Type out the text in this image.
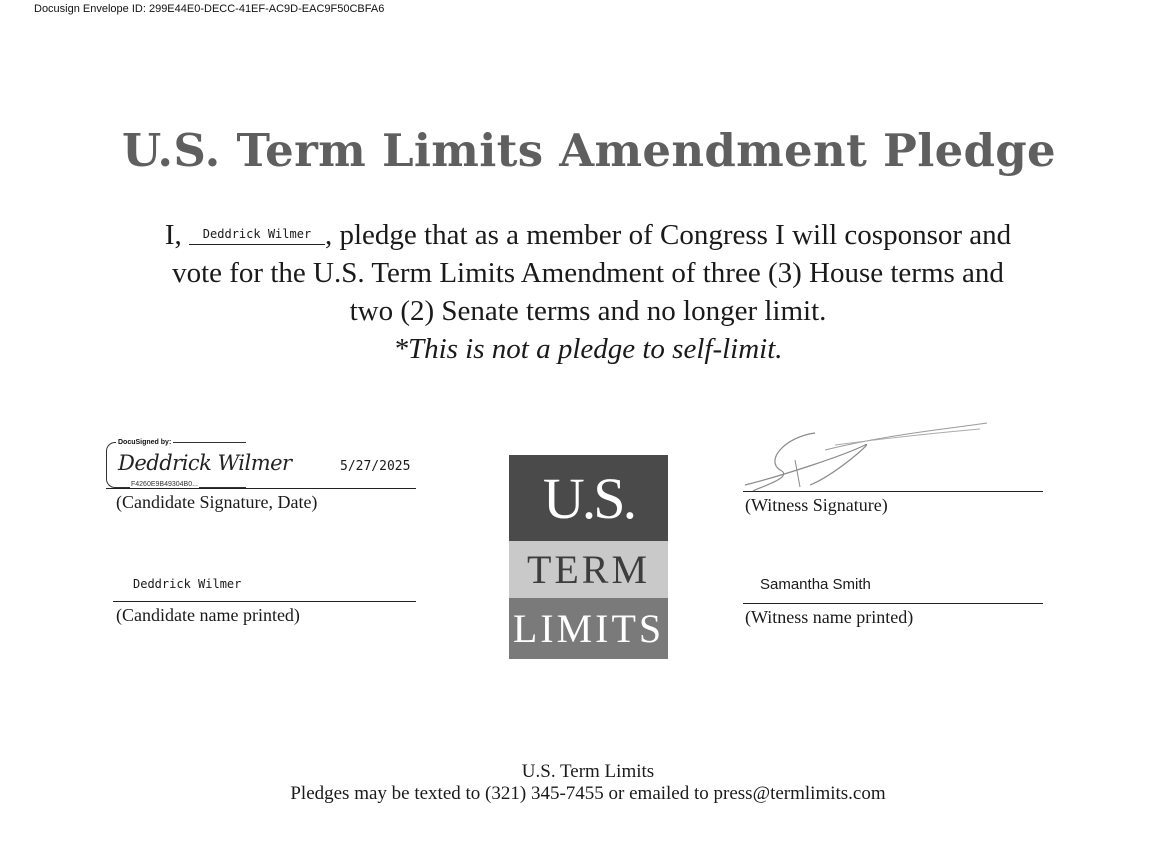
Docusign Envelope ID: 299E44E0-DECC-41EF-AC9D-EAC9F50CBFA6
U.S. Term Limits Amendment Pledge
I, Deddrick Wilmer , pledge that as a member of Congress I will cosponsor and
vote for the U.S. Term Limits Amendment of three (3) House terms and
two (2) Senate terms and no longer limit.
*This is not a pledge to self-limit.
DocuSigned by:
Deddrick Wilmer
F4260E9B49304B0...
5/27/2025
(Candidate Signature, Date)
Deddrick Wilmer
(Candidate name printed)
U.S.
TERM
LIMITS
(Witness Signature)
Samantha Smith
(Witness name printed)
U.S. Term Limits
Pledges may be texted to (321) 345-7455 or emailed to press@termlimits.com
